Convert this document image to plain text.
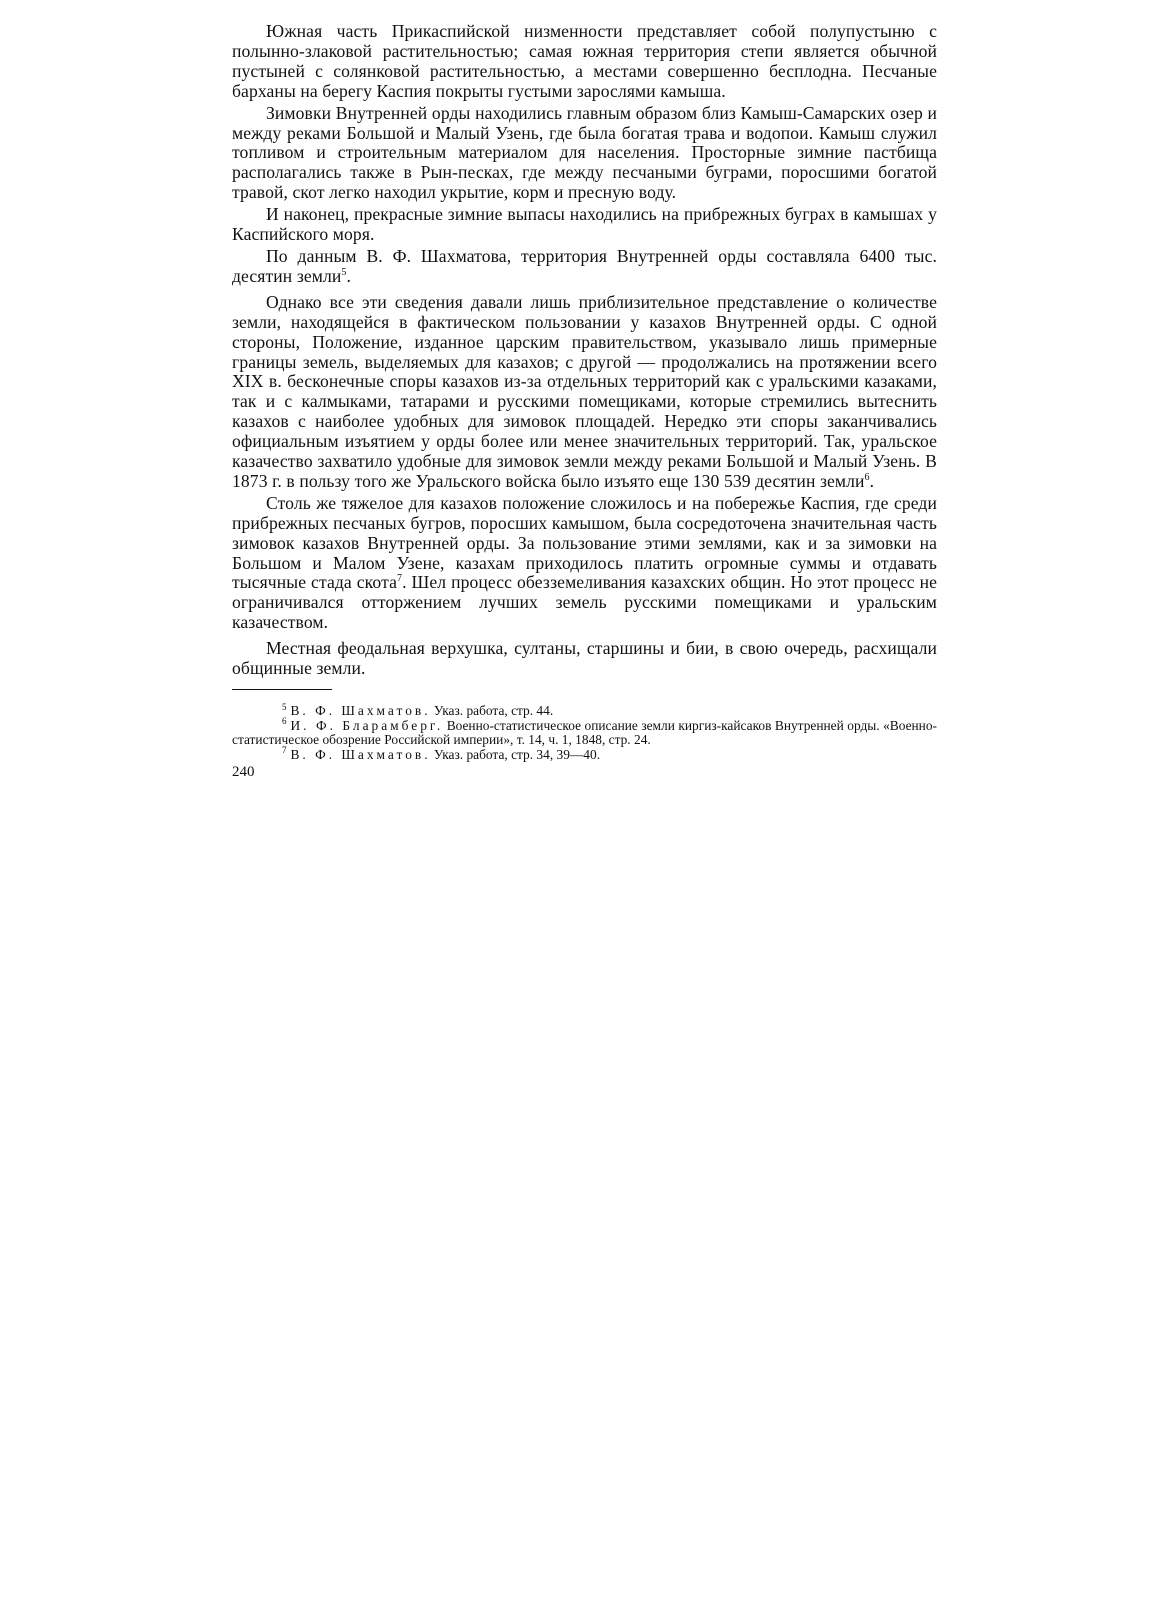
Южная часть Прикаспийской низменности представляет собой полупустыню с полынно-злаковой растительностью; самая южная территория степи является обычной пустыней с солянковой растительностью, а местами совершенно бесплодна. Песчаные барханы на берегу Каспия покрыты густыми зарослями камыша.

Зимовки Внутренней орды находились главным образом близ Камыш-Самарских озер и между реками Большой и Малый Узень, где была богатая трава и водопои. Камыш служил топливом и строительным материалом для населения. Просторные зимние пастбища располагались также в Рын-песках, где между песчаными буграми, поросшими богатой травой, скот легко находил укрытие, корм и пресную воду.

И наконец, прекрасные зимние выпасы находились на прибрежных буграх в камышах у Каспийского моря.

По данным В. Ф. Шахматова, территория Внутренней орды составляла 6400 тыс. десятин земли$^5$.

Однако все эти сведения давали лишь приблизительное представление о количестве земли, находящейся в фактическом пользовании у казахов Внутренней орды. С одной стороны, Положение, изданное царским правительством, указывало лишь примерные границы земель, выделяемых для казахов; с другой — продолжались на протяжении всего XIX в. бесконечные споры казахов из-за отдельных территорий как с уральскими казаками, так и с калмыками, татарами и русскими помещиками, которые стремились вытеснить казахов с наиболее удобных для зимовок площадей. Нередко эти споры заканчивались официальным изъятием у орды более или менее значительных территорий. Так, уральское казачество захватило удобные для зимовок земли между реками Большой и Малый Узень. В 1873 г. в пользу того же Уральского войска было изъято еще 130 539 десятин земли$^6$.

Столь же тяжелое для казахов положение сложилось и на побережье Каспия, где среди прибрежных песчаных бугров, поросших камышом, была сосредоточена значительная часть зимовок казахов Внутренней орды. За пользование этими землями, как и за зимовки на Большом и Малом Узене, казахам приходилось платить огромные суммы и отдавать тысячные стада скота$^7$. Шел процесс обезземеливания казахских общин. Но этот процесс не ограничивался отторжением лучших земель русскими помещиками и уральским казачеством.

Местная феодальная верхушка, султаны, старшины и бии, в свою очередь, расхищали общинные земли.

$^5$ В. Ф. Шахматов. Указ. работа, стр. 44.

$^6$ И. Ф. Бларамберг. Военно-статистическое описание земли киргиз-кайсаков Внутренней орды. «Военно-статистическое обозрение Российской империи», т. 14, ч. 1, 1848, стр. 24.

$^7$ В. Ф. Шахматов. Указ. работа, стр. 34, 39—40.

240
